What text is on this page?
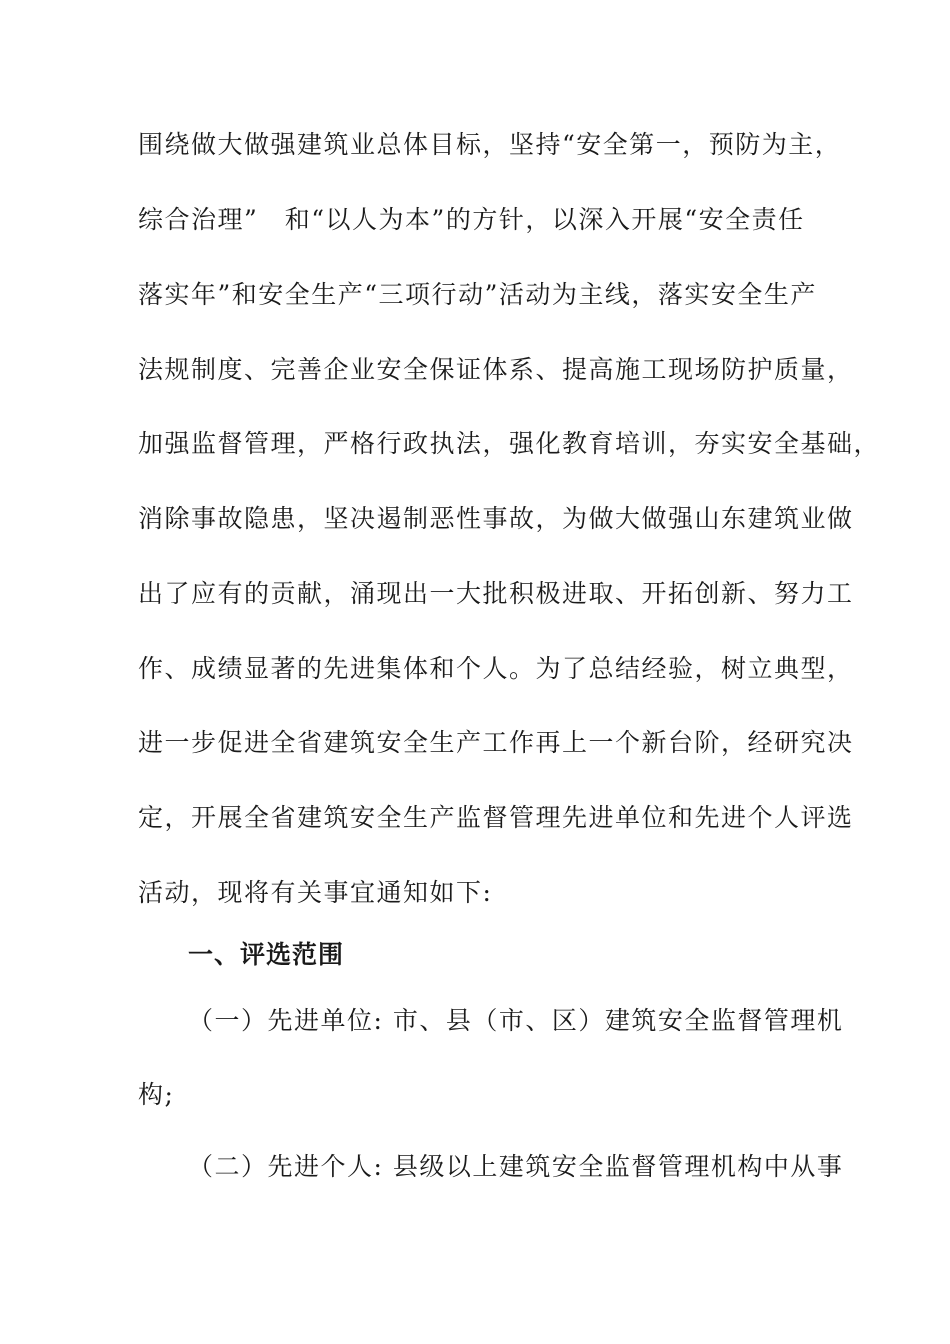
围绕做大做强建筑业总体目标，坚持“安全第一，预防为主，
综合治理”　和“以人为本”的方针，以深入开展“安全责任
落实年”和安全生产“三项行动”活动为主线，落实安全生产
法规制度、完善企业安全保证体系、提高施工现场防护质量，
加强监督管理，严格行政执法，强化教育培训，夯实安全基础，
消除事故隐患，坚决遏制恶性事故，为做大做强山东建筑业做
出了应有的贡献，涌现出一大批积极进取、开拓创新、努力工
作、成绩显著的先进集体和个人。为了总结经验，树立典型，
进一步促进全省建筑安全生产工作再上一个新台阶，经研究决
定，开展全省建筑安全生产监督管理先进单位和先进个人评选
活动，现将有关事宜通知如下:
一、评选范围
（一）先进单位: 市、县（市、区）建筑安全监督管理机
构;
（二）先进个人: 县级以上建筑安全监督管理机构中从事
